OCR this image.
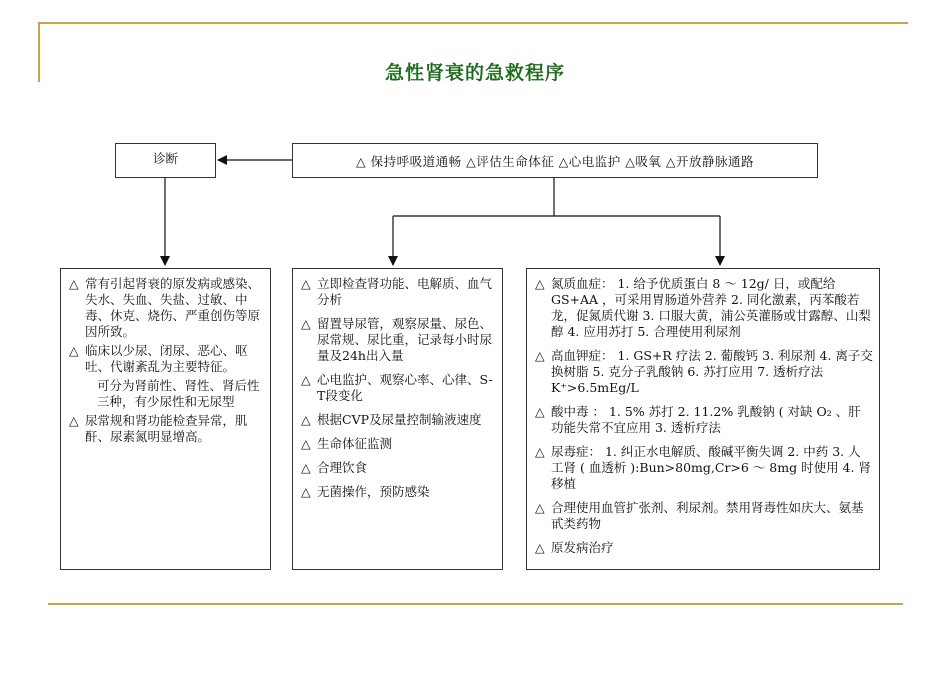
急性肾衰的急救程序
诊断	△ 保持呼吸道通畅 △评估生命体征 △心电监护 △吸氧 △开放静脉通路
△ 常有引起肾衰的原发病或感染、失水、失血、失盐、过敏、中毒、休克、烧伤、严重创伤等原因所致。
△ 临床以少尿、闭尿、恶心、呕吐、代谢紊乱为主要特征。
可分为肾前性、肾性、肾后性三种，有少尿性和无尿型
△ 尿常规和肾功能检查异常，肌酐、尿素氮明显增高。
△ 立即检查肾功能、电解质、血气分析
△ 留置导尿管，观察尿量、尿色、尿常规、尿比重，记录每小时尿量及24h出入量
△ 心电监护、观察心率、心律、S-T段变化
△ 根据CVP及尿量控制输液速度
△ 生命体征监测
△ 合理饮食
△ 无菌操作，预防感染
△ 氮质血症： 1. 给予优质蛋白 8 ～ 12g/ 日，或配给 GS+AA ，可采用胃肠道外营养 2. 同化激素，丙苯酸若龙，促氮质代谢 3. 口服大黄，浦公英灌肠或甘露醇、山梨醇 4. 应用苏打 5. 合理使用利尿剂
△ 高血钾症： 1. GS+R 疗法 2. 葡酸钙 3. 利尿剂 4. 离子交换树脂 5. 克分子乳酸钠 6. 苏打应用 7. 透析疗法 K⁺>6.5mEg/L
△ 酸中毒 ： 1. 5% 苏打 2. 11.2% 乳酸钠 ( 对缺 O₂ 、肝功能失常不宜应用 3. 透析疗法
△ 尿毒症： 1. 纠正水电解质、酸碱平衡失调 2. 中药 3. 人工肾 ( 血透析 ):Bun>80mg,Cr>6 ～ 8mg 时使用 4. 肾移植
△ 合理使用血管扩张剂、利尿剂。禁用肾毒性如庆大、氨基甙类药物
△ 原发病治疗
